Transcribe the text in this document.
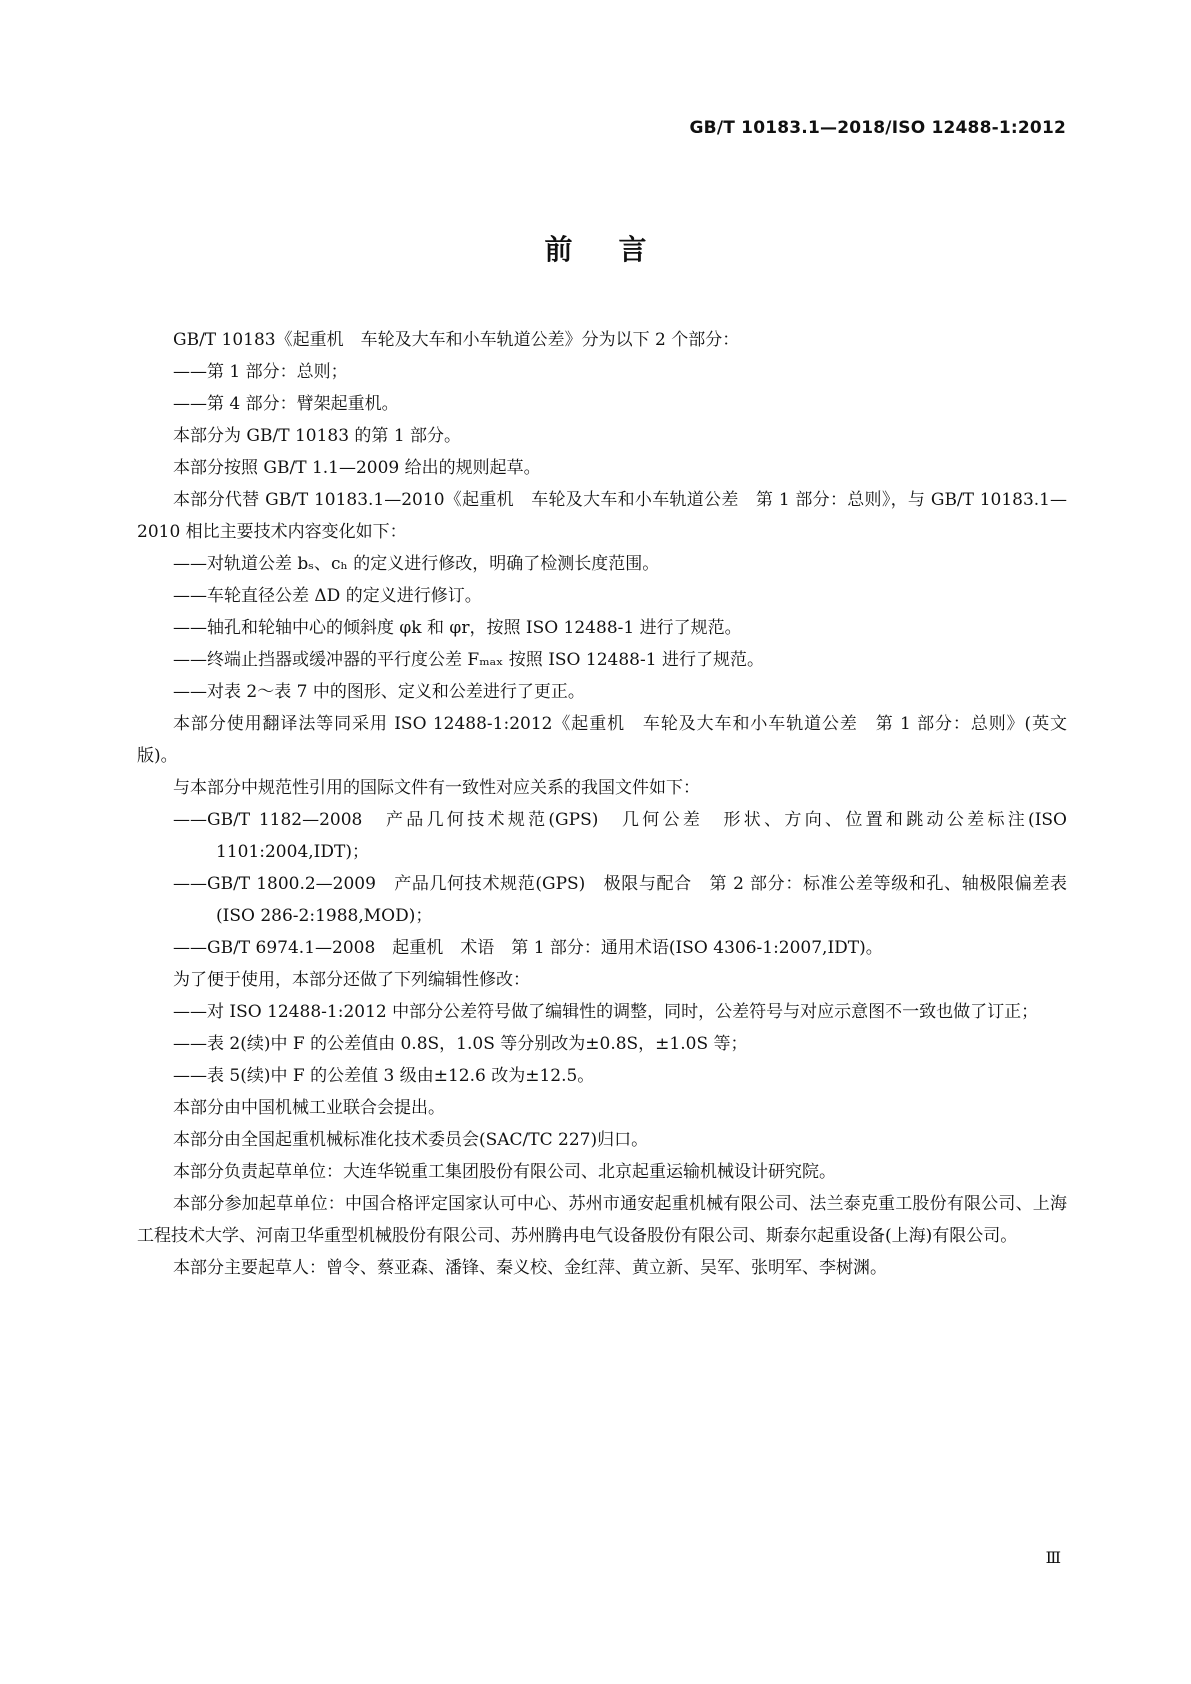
GB/T 10183.1—2018/ISO 12488-1:2012
前言
GB/T 10183《起重机　车轮及大车和小车轨道公差》分为以下 2 个部分：
——第 1 部分：总则；
——第 4 部分：臂架起重机。
本部分为 GB/T 10183 的第 1 部分。
本部分按照 GB/T 1.1—2009 给出的规则起草。
本部分代替 GB/T 10183.1—2010《起重机　车轮及大车和小车轨道公差　第 1 部分：总则》，与 GB/T 10183.1—2010 相比主要技术内容变化如下：
——对轨道公差 bₛ、cₕ 的定义进行修改，明确了检测长度范围。
——车轮直径公差 ΔD 的定义进行修订。
——轴孔和轮轴中心的倾斜度 φk 和 φr，按照 ISO 12488-1 进行了规范。
——终端止挡器或缓冲器的平行度公差 Fₘₐₓ 按照 ISO 12488-1 进行了规范。
——对表 2～表 7 中的图形、定义和公差进行了更正。
本部分使用翻译法等同采用 ISO 12488-1:2012《起重机　车轮及大车和小车轨道公差　第 1 部分：总则》(英文版)。
与本部分中规范性引用的国际文件有一致性对应关系的我国文件如下：
——GB/T 1182—2008　产品几何技术规范(GPS)　几何公差　形状、方向、位置和跳动公差标注(ISO 1101:2004,IDT)；
——GB/T 1800.2—2009　产品几何技术规范(GPS)　极限与配合　第 2 部分：标准公差等级和孔、轴极限偏差表(ISO 286-2:1988,MOD)；
——GB/T 6974.1—2008　起重机　术语　第 1 部分：通用术语(ISO 4306-1:2007,IDT)。
为了便于使用，本部分还做了下列编辑性修改：
——对 ISO 12488-1:2012 中部分公差符号做了编辑性的调整，同时，公差符号与对应示意图不一致也做了订正；
——表 2(续)中 F 的公差值由 0.8S，1.0S 等分别改为±0.8S，±1.0S 等；
——表 5(续)中 F 的公差值 3 级由±12.6 改为±12.5。
本部分由中国机械工业联合会提出。
本部分由全国起重机械标准化技术委员会(SAC/TC 227)归口。
本部分负责起草单位：大连华锐重工集团股份有限公司、北京起重运输机械设计研究院。
本部分参加起草单位：中国合格评定国家认可中心、苏州市通安起重机械有限公司、法兰泰克重工股份有限公司、上海工程技术大学、河南卫华重型机械股份有限公司、苏州腾冉电气设备股份有限公司、斯泰尔起重设备(上海)有限公司。
本部分主要起草人：曾令、蔡亚森、潘锋、秦义校、金红萍、黄立新、吴军、张明军、李树渊。
Ⅲ
